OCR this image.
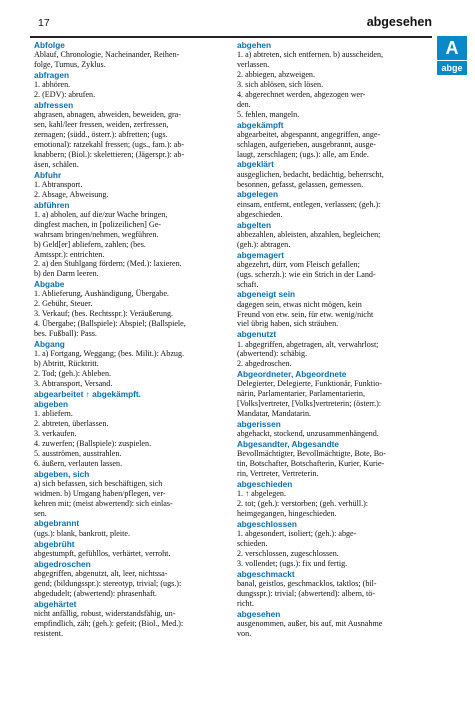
17	abgesehen
A
abge
Abfolge
Ablauf, Chronologie, Nacheinander, Reihen-
folge, Turnus, Zyklus.
abfragen
1. abhören.
2. (EDV): abrufen.
abfressen
abgrasen, abnagen, abweiden, beweiden, gra-
sen, kahl/leer fressen, weiden, zerfressen,
zernagen; (südd., österr.): abfretten; (ugs.
emotional): ratzekahl fressen; (ugs., fam.): ab-
knabbern; (Biol.): skelettieren; (Jägerspr.): ab-
äsen, schälen.
Abfuhr
1. Abtransport.
2. Absage, Abweisung.
abführen
1. a) abholen, auf die/zur Wache bringen,
dingfest machen, in [polizeilichen] Ge-
wahrsam bringen/nehmen, wegführen.
b) Geld[er] abliefern, zahlen; (bes.
Amtsspr.): entrichten.
2. a) den Stuhlgang fördern; (Med.): laxieren.
b) den Darm leeren.
Abgabe
1. Ablieferung, Aushändigung, Übergabe.
2. Gebühr, Steuer.
3. Verkauf; (bes. Rechtsspr.): Veräußerung.
4. Übergabe; (Ballspiele): Abspiel; (Ballspiele,
bes. Fußball): Pass.
Abgang
1. a) Fortgang, Weggang; (bes. Milit.): Abzug.
b) Abtritt, Rücktritt.
2. Tod; (geh.): Ableben.
3. Abtransport, Versand.
abgearbeitet ↑ abgekämpft.
abgeben
1. abliefern.
2. abtreten, überlassen.
3. verkaufen.
4. zuwerfen; (Ballspiele): zuspielen.
5. ausströmen, ausstrahlen.
6. äußern, verlauten lassen.
abgeben, sich
a) sich befassen, sich beschäftigen, sich
widmen. b) Umgang haben/pflegen, ver-
kehren mit; (meist abwertend): sich einlas-
sen.
abgebrannt
(ugs.): blank, bankrott, pleite.
abgebrüht
abgestumpft, gefühllos, verhärtet, verroht.
abgedroschen
abgegriffen, abgenutzt, alt, leer, nichtssa-
gend; (bildungsspr.): stereotyp, trivial; (ugs.):
abgedudelt; (abwertend): phrasenhaft.
abgehärtet
nicht anfällig, robust, widerstandsfähig, un-
empfindlich, zäh; (geh.): gefeit; (Biol., Med.):
resistent.
abgehen
1. a) abtreten, sich entfernen. b) ausscheiden,
verlassen.
2. abbiegen, abzweigen.
3. sich ablösen, sich lösen.
4. abgerechnet werden, abgezogen wer-
den.
5. fehlen, mangeln.
abgekämpft
abgearbeitet, abgespannt, angegriffen, ange-
schlagen, aufgerieben, ausgebrannt, ausge-
laugt, zerschlagen; (ugs.): alle, am Ende.
abgeklärt
ausgeglichen, bedacht, bedächtig, beherrscht,
besonnen, gefasst, gelassen, gemessen.
abgelegen
einsam, entfernt, entlegen, verlassen; (geh.):
abgeschieden.
abgelten
abbezahlen, ableisten, abzahlen, begleichen;
(geh.): abtragen.
abgemagert
abgezehrt, dürr, vom Fleisch gefallen;
(ugs. scherzh.): wie ein Strich in der Land-
schaft.
abgeneigt sein
dagegen sein, etwas nicht mögen, kein
Freund von etw. sein, für etw. wenig/nicht
viel übrig haben, sich sträuben.
abgenutzt
1. abgegriffen, abgetragen, alt, verwahrlost;
(abwertend): schäbig.
2. abgedroschen.
Abgeordneter, Abgeordnete
Delegierter, Delegierte, Funktionär, Funktio-
närin, Parlamentarier, Parlamentarierin,
[Volks]vertreter, [Volks]vertreterin; (österr.):
Mandatar, Mandatarin.
abgerissen
abgehackt, stockend, unzusammenhängend.
Abgesandter, Abgesandte
Bevollmächtigter, Bevollmächtigte, Bote, Bo-
tin, Botschafter, Botschafterin, Kurier, Kurie-
rin, Vertreter, Vertreterin.
abgeschieden
1. ↑ abgelegen.
2. tot; (geh.): verstorben; (geh. verhüll.):
heimgegangen, hingeschieden.
abgeschlossen
1. abgesondert, isoliert; (geh.): abge-
schieden.
2. verschlossen, zugeschlossen.
3. vollendet; (ugs.): fix und fertig.
abgeschmackt
banal, geistlos, geschmacklos, taktlos; (bil-
dungsspr.): trivial; (abwertend): albern, tö-
richt.
abgesehen
ausgenommen, außer, bis auf, mit Ausnahme
von.
